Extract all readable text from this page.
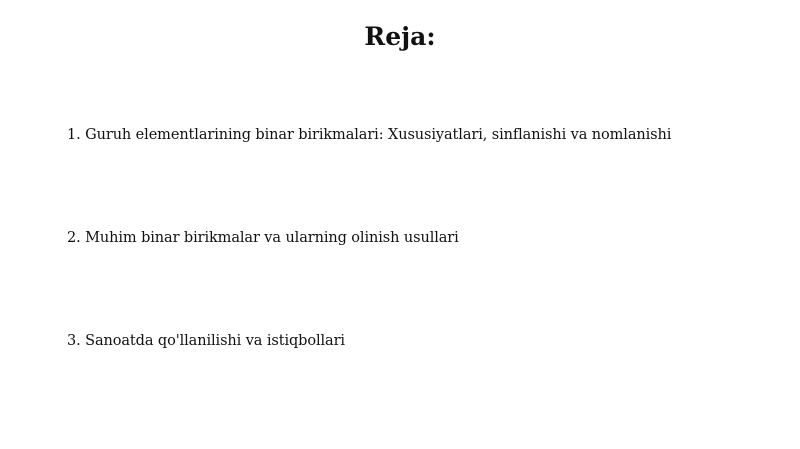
Reja:
1. Guruh elementlarining binar birikmalari: Xususiyatlari, sinflanishi va nomlanishi
2. Muhim binar birikmalar va ularning olinish usullari
3. Sanoatda qo'llanilishi va istiqbollari
